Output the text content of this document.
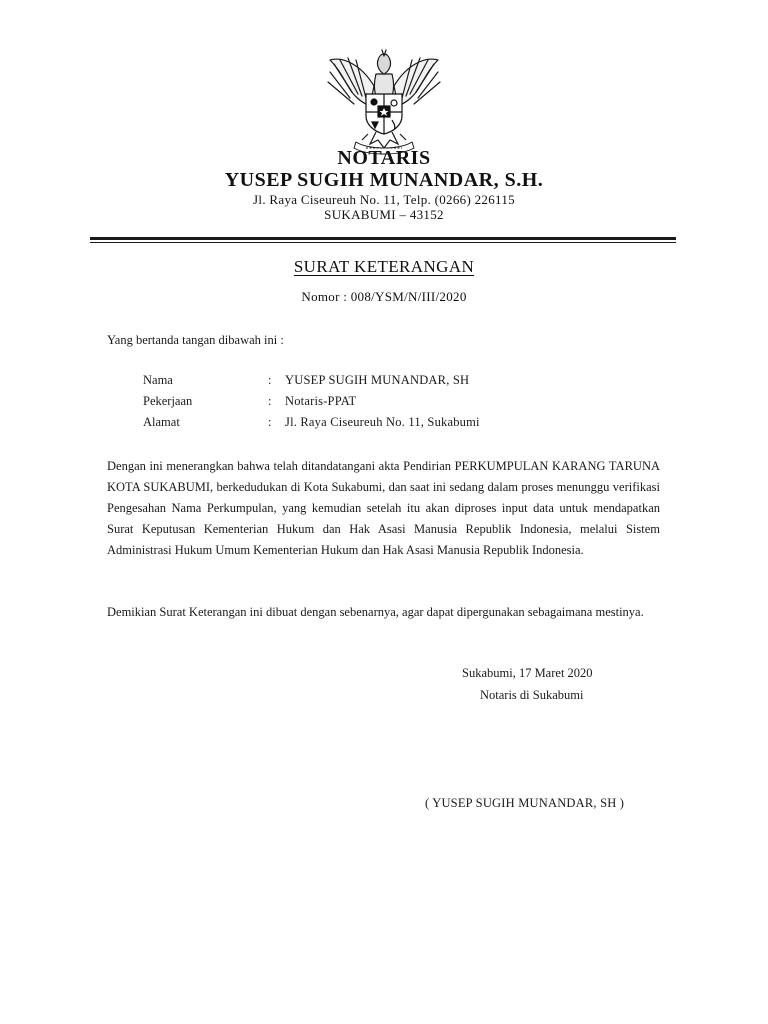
NOTARIS
YUSEP SUGIH MUNANDAR, S.H.
Jl. Raya Ciseureuh No. 11, Telp. (0266) 226115
SUKABUMI – 43152
SURAT KETERANGAN
Nomor : 008/YSM/N/III/2020
Yang bertanda tangan dibawah ini :
Nama	: YUSEP SUGIH MUNANDAR, SH
Pekerjaan	: Notaris-PPAT
Alamat	: Jl. Raya Ciseureuh No. 11, Sukabumi

Dengan ini menerangkan bahwa telah ditandatangani akta Pendirian PERKUMPULAN KARANG TARUNA KOTA SUKABUMI, berkedudukan di Kota Sukabumi, dan saat ini sedang dalam proses menunggu verifikasi Pengesahan Nama Perkumpulan, yang kemudian setelah itu akan diproses input data untuk mendapatkan Surat Keputusan Kementerian Hukum dan Hak Asasi Manusia Republik Indonesia, melalui Sistem Administrasi Hukum Umum Kementerian Hukum dan Hak Asasi Manusia Republik Indonesia.

Demikian Surat Keterangan ini dibuat dengan sebenarnya, agar dapat dipergunakan sebagaimana mestinya.

Sukabumi, 17 Maret 2020
Notaris di Sukabumi
( YUSEP SUGIH MUNANDAR, SH )
